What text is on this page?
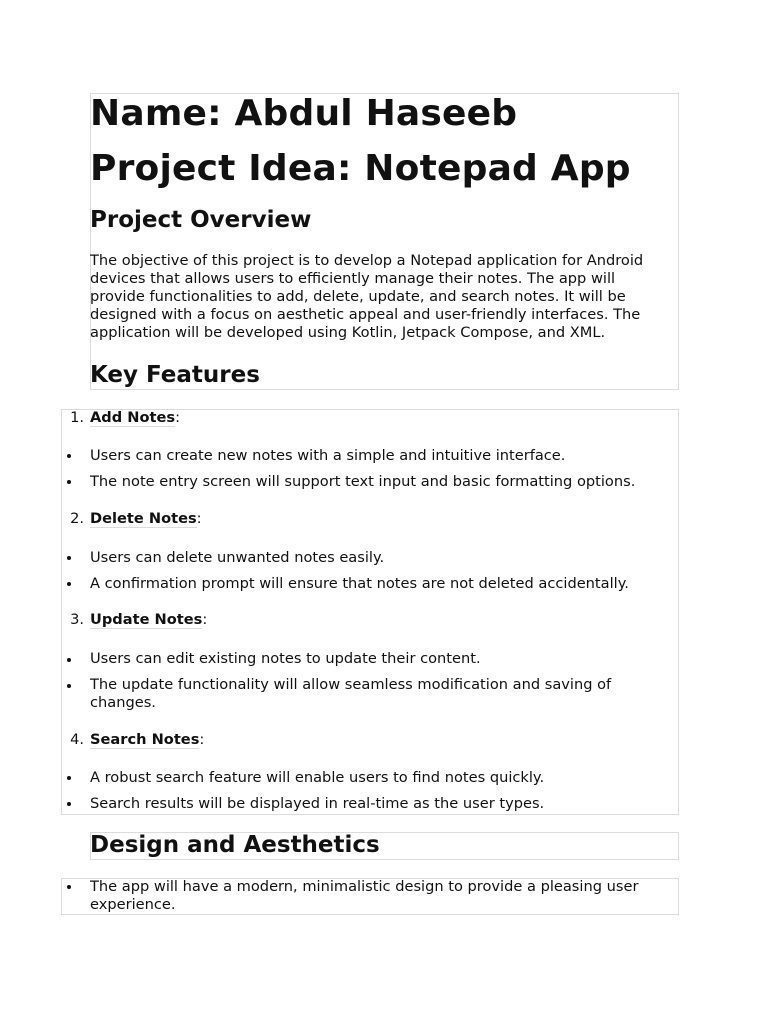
Name: Abdul Haseeb
Project Idea: Notepad App
Project Overview

The objective of this project is to develop a Notepad application for Android devices that allows users to efficiently manage their notes. The app will provide functionalities to add, delete, update, and search notes. It will be designed with a focus on aesthetic appeal and user-friendly interfaces. The application will be developed using Kotlin, Jetpack Compose, and XML.

Key Features
1. Add Notes:
Users can create new notes with a simple and intuitive interface.
The note entry screen will support text input and basic formatting options.
2. Delete Notes:
Users can delete unwanted notes easily.
A confirmation prompt will ensure that notes are not deleted accidentally.
3. Update Notes:
Users can edit existing notes to update their content.

The update functionality will allow seamless modification and saving of changes.

4. Search Notes:
A robust search feature will enable users to find notes quickly.
Search results will be displayed in real-time as the user types.
Design and Aesthetics

The app will have a modern, minimalistic design to provide a pleasing user experience.
